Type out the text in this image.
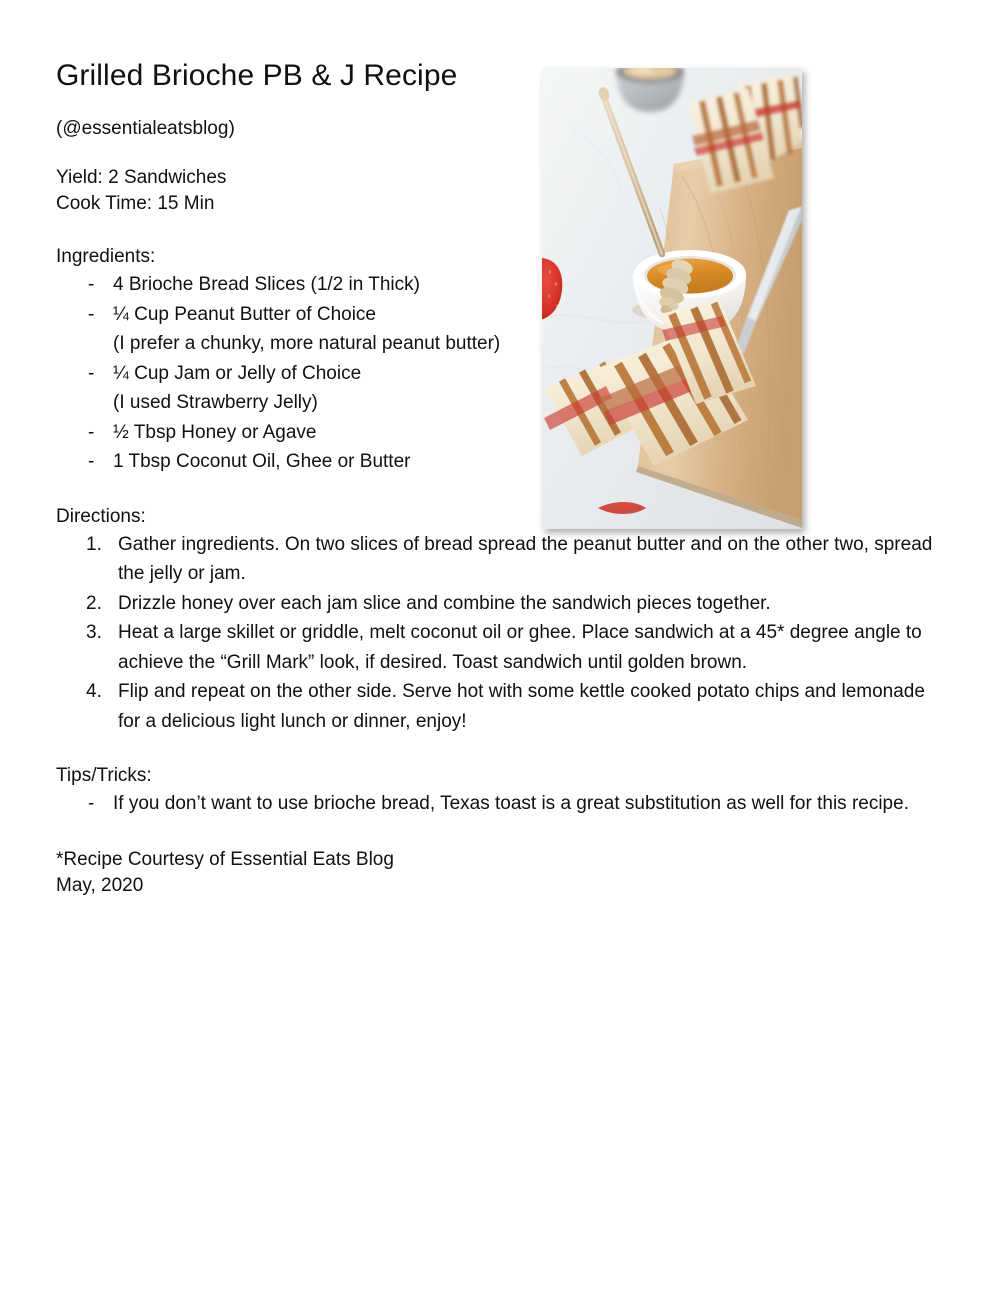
Grilled Brioche PB & J Recipe

(@essentialeatsblog)

Yield: 2 Sandwiches
Cook Time: 15 Min

Ingredients:

- 4 Brioche Bread Slices (1/2 in Thick)
- ¼ Cup Peanut Butter of Choice
(I prefer a chunky, more natural peanut butter)
- ¼ Cup Jam or Jelly of Choice
(I used Strawberry Jelly)
- ½ Tbsp Honey or Agave
- 1 Tbsp Coconut Oil, Ghee or Butter

Directions:

Gather ingredients. On two slices of bread spread the peanut butter and on the other two, spread the jelly or jam.
Drizzle honey over each jam slice and combine the sandwich pieces together.
Heat a large skillet or griddle, melt coconut oil or ghee. Place sandwich at a 45* degree angle to achieve the “Grill Mark” look, if desired. Toast sandwich until golden brown.
Flip and repeat on the other side. Serve hot with some kettle cooked potato chips and lemonade for a delicious light lunch or dinner, enjoy!

Tips/Tricks:

- If you don’t want to use brioche bread, Texas toast is a great substitution as well for this recipe.
*Recipe Courtesy of Essential Eats Blog
May, 2020
